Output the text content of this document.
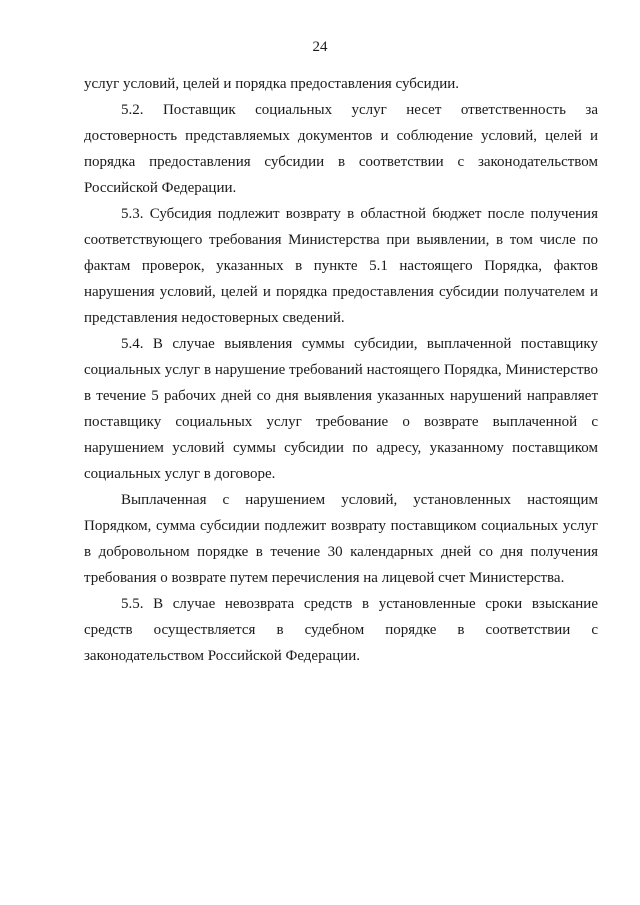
24

услуг условий, целей и порядка предоставления субсидии.

5.2. Поставщик социальных услуг несет ответственность за достоверность представляемых документов и соблюдение условий, целей и порядка предоставления субсидии в соответствии с законодательством Российской Федерации.

5.3. Субсидия подлежит возврату в областной бюджет после получения соответствующего требования Министерства при выявлении, в том числе по фактам проверок, указанных в пункте 5.1 настоящего Порядка, фактов нарушения условий, целей и порядка предоставления субсидии получателем и представления недостоверных сведений.

5.4. В случае выявления суммы субсидии, выплаченной поставщику социальных услуг в нарушение требований настоящего Порядка, Министерство в течение 5 рабочих дней со дня выявления указанных нарушений направляет поставщику социальных услуг требование о возврате выплаченной с нарушением условий суммы субсидии по адресу, указанному поставщиком социальных услуг в договоре.

Выплаченная с нарушением условий, установленных настоящим Порядком, сумма субсидии подлежит возврату поставщиком социальных услуг в добровольном порядке в течение 30 календарных дней со дня получения требования о возврате путем перечисления на лицевой счет Министерства.

5.5. В случае невозврата средств в установленные сроки взыскание средств осуществляется в судебном порядке в соответствии с законодательством Российской Федерации.
